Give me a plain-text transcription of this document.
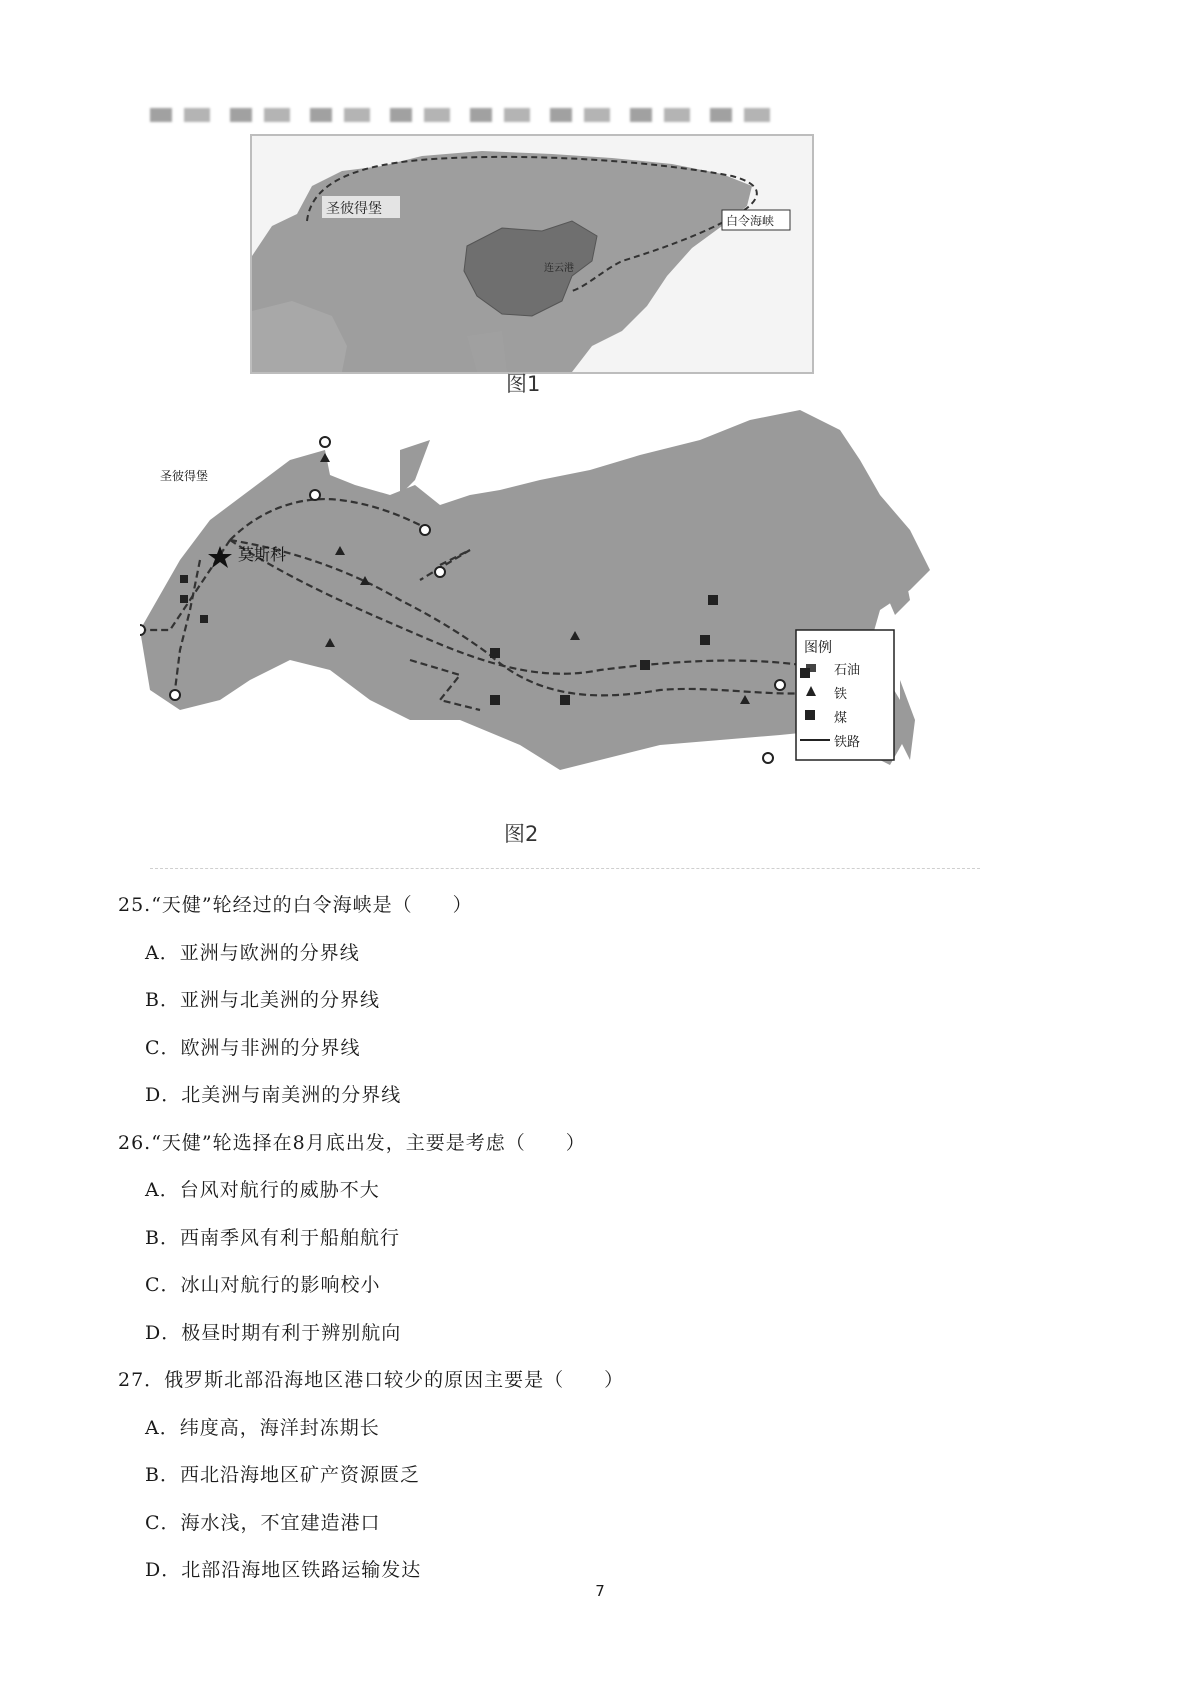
圣彼得堡
白令海峡
连云港
图1
图例
石油
铁
煤
铁路
圣彼得堡
莫斯科
图2
25.“天健”轮经过的白令海峡是（　　）
A．亚洲与欧洲的分界线
B．亚洲与北美洲的分界线
C．欧洲与非洲的分界线
D．北美洲与南美洲的分界线
26.“天健”轮选择在8月底出发，主要是考虑（　　）
A．台风对航行的威胁不大
B．西南季风有利于船舶航行
C．冰山对航行的影响校小
D．极昼时期有利于辨别航向
27．俄罗斯北部沿海地区港口较少的原因主要是（　　）
A．纬度高，海洋封冻期长
B．西北沿海地区矿产资源匮乏
C．海水浅，不宜建造港口
D．北部沿海地区铁路运输发达
7
